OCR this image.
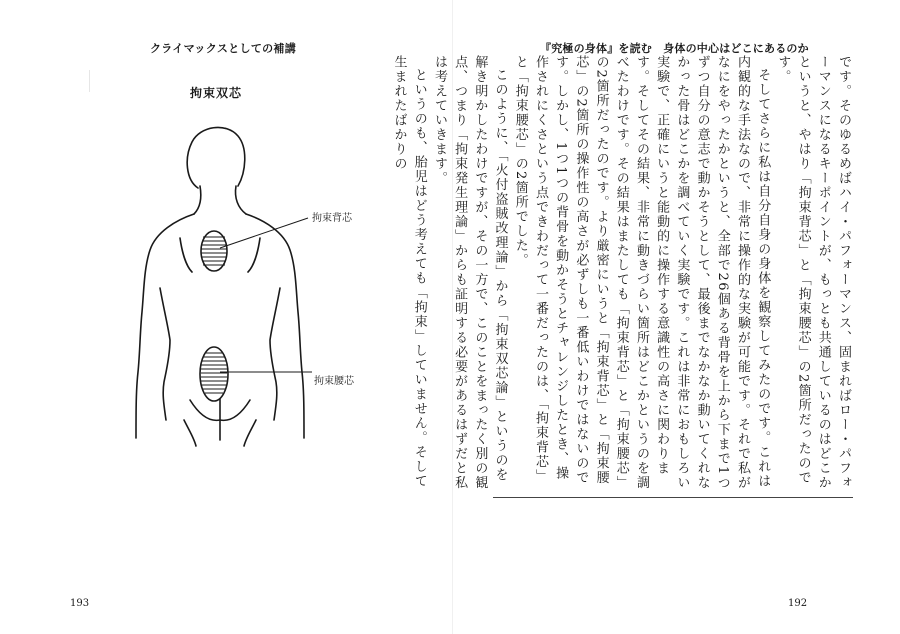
クライマックスとしての補講
拘束双芯
拘束背芯
拘束腰芯
193
『究極の身体』を読む　身体の中心はどこにあるのか

です。そのゆるめばハイ・パフォーマンス、固まればロー・パフォーマンスになるキーポイントが、もっとも共通しているのはどこかというと、やはり「拘束背芯」と「拘束腰芯」の2箇所だったのです。

そしてさらに私は自分自身の身体を観察してみたのです。これは内観的な手法なので、非常に操作的な実験が可能です。それで私がなにをやったかというと、全部で26個ある背骨を上から下まで1つずつ自分の意志で動かそうとして、最後までなかなか動いてくれなかった骨はどこかを調べていく実験です。これは非常におもしろい実験で、正確にいうと能動的に操作する意識性の高さに関わります。そしてその結果、非常に動きづらい箇所はどこかというのを調べたわけです。その結果はまたしても「拘束背芯」と「拘束腰芯」の2箇所だったのです。より厳密にいうと「拘束背芯」と「拘束腰芯」の2箇所の操作性の高さが必ずしも一番低いわけではないのです。しかし、1つ1つの背骨を動かそうとチャレンジしたとき、操作されにくさという点できわだって一番だったのは、「拘束背芯」と「拘束腰芯」の2箇所でした。

このように、「火付盗賊改理論」から「拘束双芯論」というのを解き明かしたわけですが、その一方で、このことをまったく別の観点、つまり「拘束発生理論」からも証明する必要があるはずだと私は考えていきます。

というのも、胎児はどう考えても「拘束」していません。そして生まれたばかりの

192
